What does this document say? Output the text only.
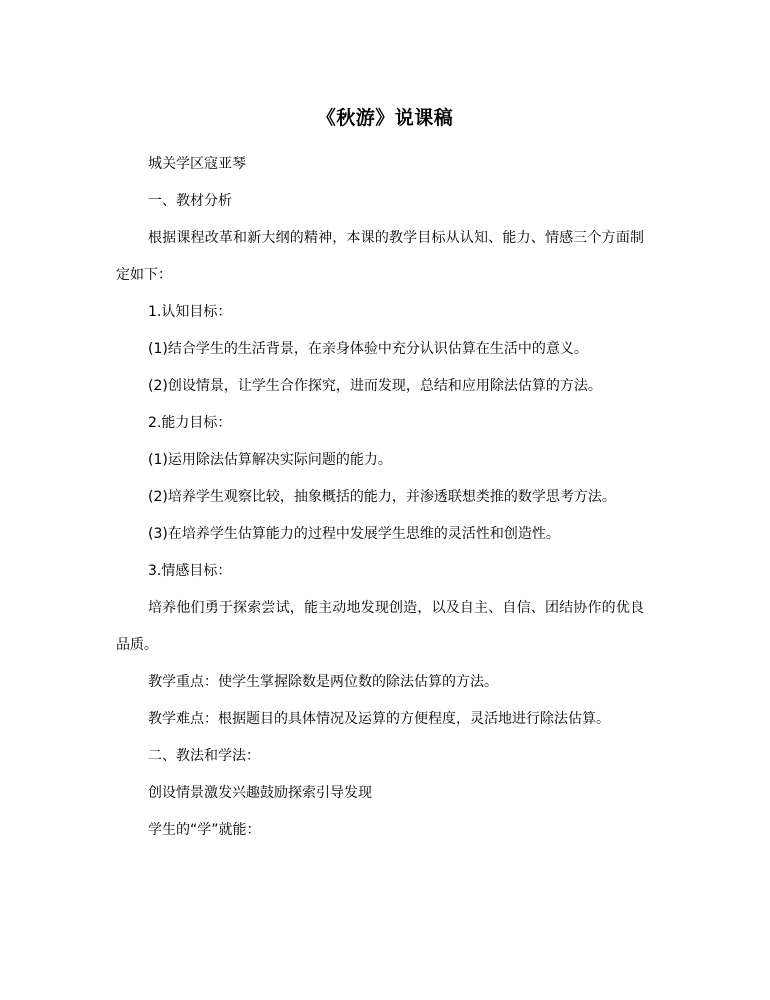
《秋游》说课稿

城关学区寇亚琴

一、教材分析

根据课程改革和新大纲的精神，本课的教学目标从认知、能力、情感三个方面制定如下：

1.认知目标：

(1)结合学生的生活背景，在亲身体验中充分认识估算在生活中的意义。

(2)创设情景，让学生合作探究，进而发现，总结和应用除法估算的方法。

2.能力目标：

(1)运用除法估算解决实际问题的能力。

(2)培养学生观察比较，抽象概括的能力，并渗透联想类推的数学思考方法。

(3)在培养学生估算能力的过程中发展学生思维的灵活性和创造性。

3.情感目标：

培养他们勇于探索尝试，能主动地发现创造，以及自主、自信、团结协作的优良品质。

教学重点：使学生掌握除数是两位数的除法估算的方法。

教学难点：根据题目的具体情况及运算的方便程度，灵活地进行除法估算。

二、教法和学法：

创设情景激发兴趣鼓励探索引导发现

学生的“学”就能：
